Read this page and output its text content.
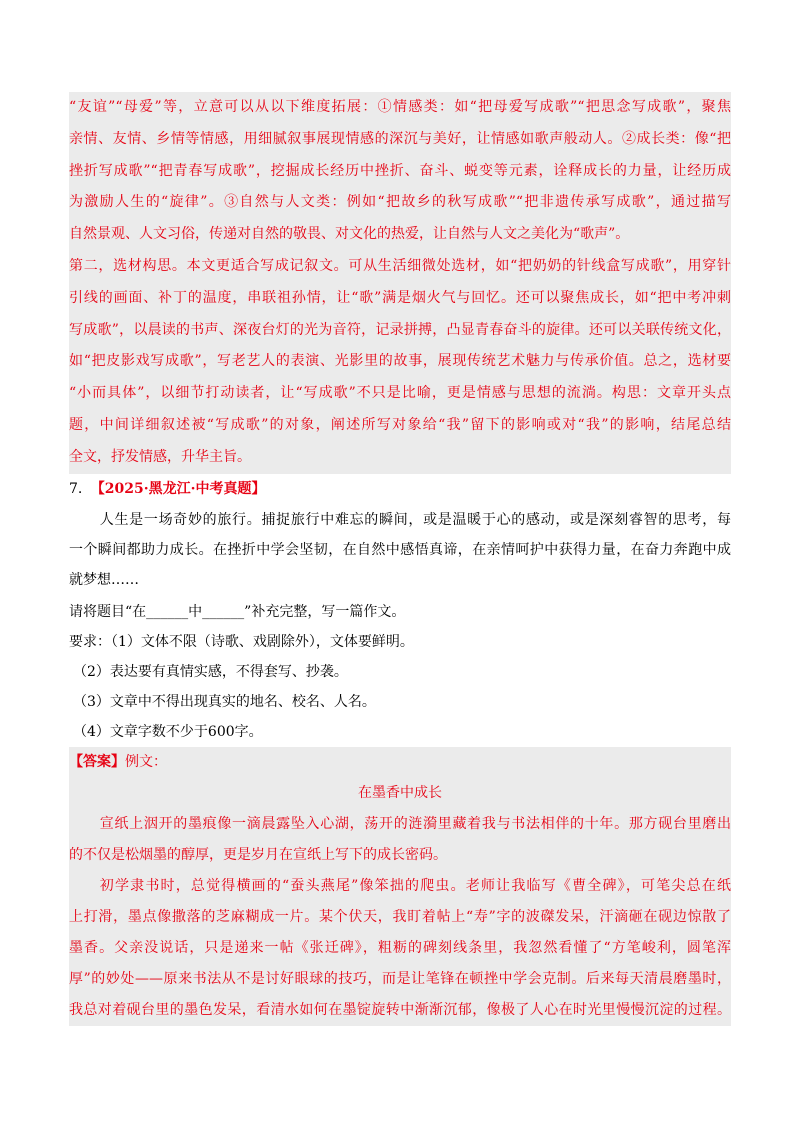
“友谊”“母爱”等，立意可以从以下维度拓展：①情感类：如“把母爱写成歌”“把思念写成歌”，聚焦
亲情、友情、乡情等情感，用细腻叙事展现情感的深沉与美好，让情感如歌声般动人。②成长类：像“把
挫折写成歌”“把青春写成歌”，挖掘成长经历中挫折、奋斗、蜕变等元素，诠释成长的力量，让经历成
为激励人生的“旋律”。③自然与人文类：例如“把故乡的秋写成歌”“把非遗传承写成歌”，通过描写
自然景观、人文习俗，传递对自然的敬畏、对文化的热爱，让自然与人文之美化为“歌声”。
第二，选材构思。本文更适合写成记叙文。可从生活细微处选材，如“把奶奶的针线盒写成歌”，用穿针
引线的画面、补丁的温度，串联祖孙情，让“歌”满是烟火气与回忆。还可以聚焦成长，如“把中考冲刺
写成歌”，以晨读的书声、深夜台灯的光为音符，记录拼搏，凸显青春奋斗的旋律。还可以关联传统文化，
如“把皮影戏写成歌”，写老艺人的表演、光影里的故事，展现传统艺术魅力与传承价值。总之，选材要
“小而具体”，以细节打动读者，让“写成歌”不只是比喻，更是情感与思想的流淌。构思：文章开头点
题，中间详细叙述被“写成歌”的对象，阐述所写对象给“我”留下的影响或对“我”的影响，结尾总结
全文，抒发情感，升华主旨。
7. 【2025·黑龙江·中考真题】
人生是一场奇妙的旅行。捕捉旅行中难忘的瞬间，或是温暖于心的感动，或是深刻睿智的思考，每
一个瞬间都助力成长。在挫折中学会坚韧，在自然中感悟真谛，在亲情呵护中获得力量，在奋力奔跑中成
就梦想……
请将题目“在______中______”补充完整，写一篇作文。
要求：（1）文体不限（诗歌、戏剧除外），文体要鲜明。
（2）表达要有真情实感，不得套写、抄袭。
（3）文章中不得出现真实的地名、校名、人名。
（4）文章字数不少于600字。
【答案】例文：
在墨香中成长
宣纸上洇开的墨痕像一滴晨露坠入心湖，荡开的涟漪里藏着我与书法相伴的十年。那方砚台里磨出
的不仅是松烟墨的醇厚，更是岁月在宣纸上写下的成长密码。
初学隶书时，总觉得横画的“蚕头燕尾”像笨拙的爬虫。老师让我临写《曹全碑》，可笔尖总在纸
上打滑，墨点像撒落的芝麻糊成一片。某个伏天，我盯着帖上“寿”字的波磔发呆，汗滴砸在砚边惊散了
墨香。父亲没说话，只是递来一帖《张迁碑》，粗粝的碑刻线条里，我忽然看懂了“方笔峻利，圆笔浑
厚”的妙处——原来书法从不是讨好眼球的技巧，而是让笔锋在顿挫中学会克制。后来每天清晨磨墨时，
我总对着砚台里的墨色发呆，看清水如何在墨锭旋转中渐渐沉郁，像极了人心在时光里慢慢沉淀的过程。
